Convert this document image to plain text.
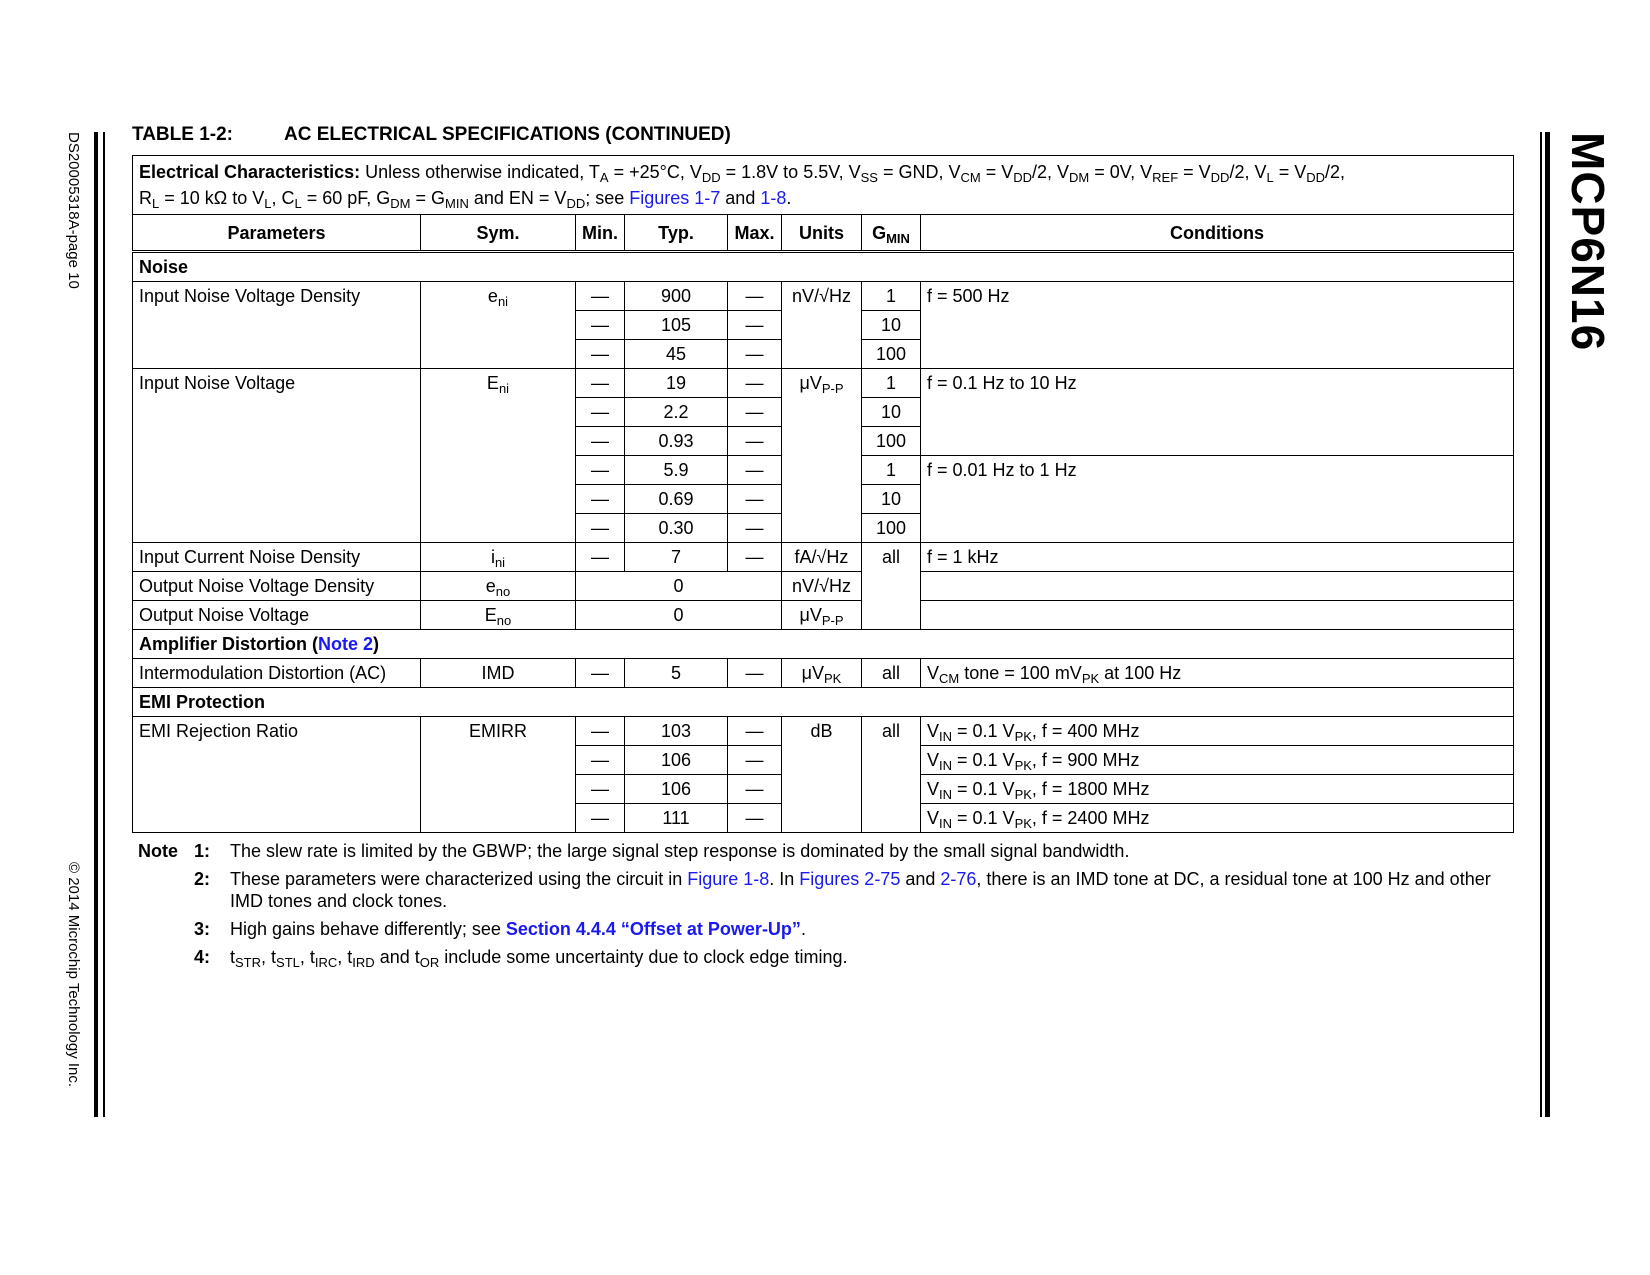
DS20005318A-page 10
© 2014 Microchip Technology Inc.
MCP6N16
TABLE 1-2:	AC ELECTRICAL SPECIFICATIONS (CONTINUED)
Electrical Characteristics: Unless otherwise indicated, $T_A = +25^\circ C$, $V_{DD} = 1.8V$ to 5.5V, $V_{SS}$ = GND, $V_{CM} = V_{DD}/2$, $V_{DM} = 0V$, $V_{REF} = V_{DD}/2$, $V_L = V_{DD}/2$,
$R_L = 10$ kΩ to $V_L$, $C_L = 60$ pF, $G_{DM} = G_{MIN}$ and EN = $V_{DD}$; see Figures 1-7 and 1-8.							
Parameters	Sym.	Min.	Typ.	Max.	Units	$G_{MIN}$	Conditions
Noise							
Input Noise Voltage Density	$e_{ni}$	—	900	—	nV/√Hz	1	f = 500 Hz
		—	105	—		10	
		—	45	—		100	
Input Noise Voltage	$E_{ni}$	—	19	—	$\mu V_{P-P}$	1	f = 0.1 Hz to 10 Hz
		—	2.2	—		10	
		—	0.93	—		100	
		—	5.9	—		1	f = 0.01 Hz to 1 Hz
		—	0.69	—		10	
		—	0.30	—		100	
Input Current Noise Density	$i_{ni}$	—	7	—	fA/√Hz	all	f = 1 kHz
Output Noise Voltage Density	$e_{no}$	0			nV/√Hz		
Output Noise Voltage	$E_{no}$	0			$\mu V_{P-P}$	
Amplifier Distortion (Note 2)							
Intermodulation Distortion (AC)	IMD	—	5	—	$\mu V_{PK}$	all	$V_{CM}$ tone = 100 $mV_{PK}$ at 100 Hz
EMI Protection							
EMI Rejection Ratio	EMIRR	—	103	—	dB	all	$V_{IN} = 0.1$ $V_{PK}$, f = 400 MHz
		—	106	—			$V_{IN} = 0.1$ $V_{PK}$, f = 900 MHz
		—	106	—			$V_{IN} = 0.1$ $V_{PK}$, f = 1800 MHz
		—	111	—			$V_{IN} = 0.1$ $V_{PK}$, f = 2400 MHz
Note 1: The slew rate is limited by the GBWP; the large signal step response is dominated by the small signal bandwidth.
2: These parameters were characterized using the circuit in Figure 1-8. In Figures 2-75 and 2-76, there is an IMD tone at DC, a residual tone at 100 Hz and other IMD tones and clock tones.
3: High gains behave differently; see Section 4.4.4 “Offset at Power-Up”.
4: $t_{STR}$, $t_{STL}$, $t_{IRC}$, $t_{IRD}$ and $t_{OR}$ include some uncertainty due to clock edge timing.
